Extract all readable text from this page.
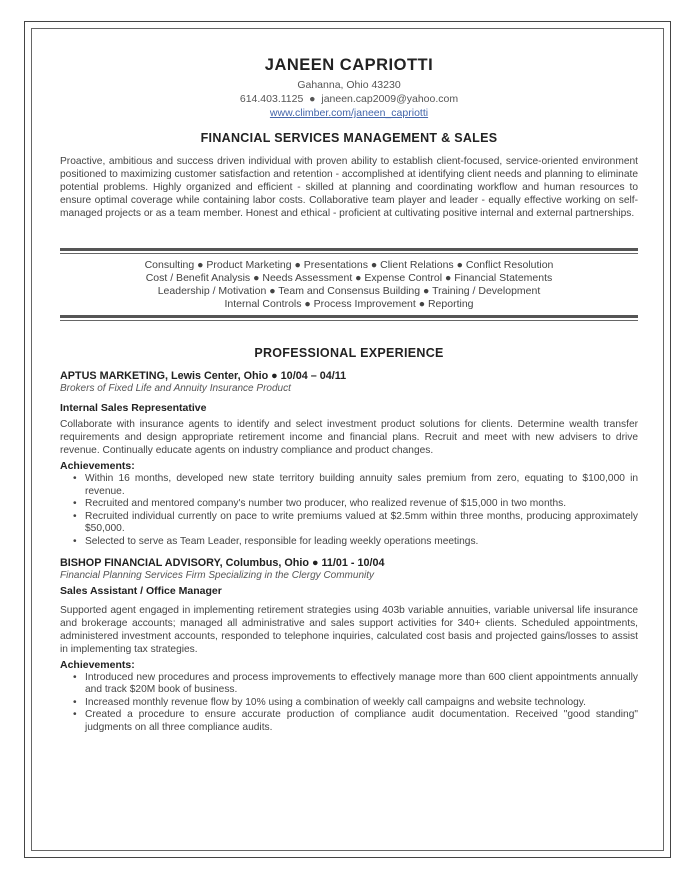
JANEEN CAPRIOTTI
Gahanna, Ohio 43230
614.403.1125 ● janeen.cap2009@yahoo.com
www.climber.com/janeen_capriotti
FINANCIAL SERVICES MANAGEMENT & SALES
Proactive, ambitious and success driven individual with proven ability to establish client-focused, service-oriented environment positioned to maximizing customer satisfaction and retention - accomplished at identifying client needs and planning to eliminate potential problems. Highly organized and efficient - skilled at planning and coordinating workflow and human resources to ensure optimal coverage while containing labor costs. Collaborative team player and leader - equally effective working on self-managed projects or as a team member. Honest and ethical - proficient at cultivating positive internal and external partnerships.
Consulting ● Product Marketing ● Presentations ● Client Relations ● Conflict Resolution
Cost / Benefit Analysis ● Needs Assessment ● Expense Control ● Financial Statements
Leadership / Motivation ● Team and Consensus Building ● Training / Development
Internal Controls ● Process Improvement ● Reporting
PROFESSIONAL EXPERIENCE
APTUS MARKETING, Lewis Center, Ohio ● 10/04 – 04/11
Brokers of Fixed Life and Annuity Insurance Product
Internal Sales Representative
Collaborate with insurance agents to identify and select investment product solutions for clients. Determine wealth transfer requirements and design appropriate retirement income and financial plans. Recruit and meet with new advisers to drive revenue. Continually educate agents on industry compliance and product changes.
Achievements:
• Within 16 months, developed new state territory building annuity sales premium from zero, equating to $100,000 in revenue.
• Recruited and mentored company's number two producer, who realized revenue of $15,000 in two months.
• Recruited individual currently on pace to write premiums valued at $2.5mm within three months, producing approximately $50,000.
• Selected to serve as Team Leader, responsible for leading weekly operations meetings.
BISHOP FINANCIAL ADVISORY, Columbus, Ohio ● 11/01 - 10/04
Financial Planning Services Firm Specializing in the Clergy Community
Sales Assistant / Office Manager
Supported agent engaged in implementing retirement strategies using 403b variable annuities, variable universal life insurance and brokerage accounts; managed all administrative and sales support activities for 340+ clients. Scheduled appointments, administered investment accounts, responded to telephone inquiries, calculated cost basis and projected gains/losses to assist in implementing tax strategies.
Achievements:
• Introduced new procedures and process improvements to effectively manage more than 600 client appointments annually and track $20M book of business.
• Increased monthly revenue flow by 10% using a combination of weekly call campaigns and website technology.
• Created a procedure to ensure accurate production of compliance audit documentation. Received "good standing" judgments on all three compliance audits.
